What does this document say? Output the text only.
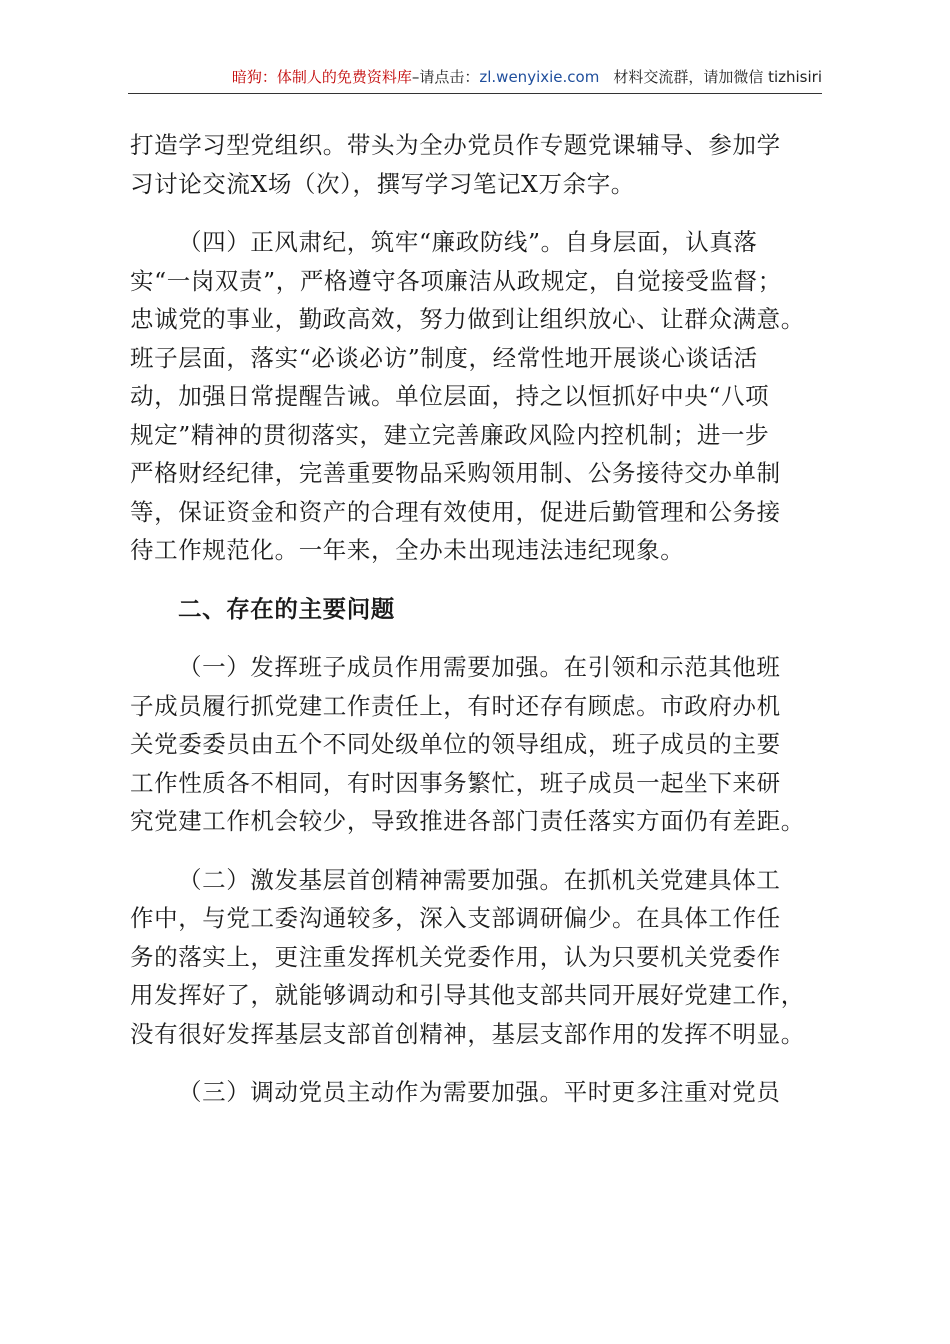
暗狗：体制人的免费资料库–请点击：zl.wenyixie.com 材料交流群，请加微信 tizhisiri
打造学习型党组织。带头为全办党员作专题党课辅导、参加学
习讨论交流X场（次），撰写学习笔记X万余字。
（四）正风肃纪，筑牢“廉政防线”。自身层面，认真落
实“一岗双责”，严格遵守各项廉洁从政规定，自觉接受监督；
忠诚党的事业，勤政高效，努力做到让组织放心、让群众满意。
班子层面，落实“必谈必访”制度，经常性地开展谈心谈话活
动，加强日常提醒告诫。单位层面，持之以恒抓好中央“八项
规定”精神的贯彻落实，建立完善廉政风险内控机制；进一步
严格财经纪律，完善重要物品采购领用制、公务接待交办单制
等，保证资金和资产的合理有效使用，促进后勤管理和公务接
待工作规范化。一年来，全办未出现违法违纪现象。
二、存在的主要问题
（一）发挥班子成员作用需要加强。在引领和示范其他班
子成员履行抓党建工作责任上，有时还存有顾虑。市政府办机
关党委委员由五个不同处级单位的领导组成，班子成员的主要
工作性质各不相同，有时因事务繁忙，班子成员一起坐下来研
究党建工作机会较少，导致推进各部门责任落实方面仍有差距。
（二）激发基层首创精神需要加强。在抓机关党建具体工
作中，与党工委沟通较多，深入支部调研偏少。在具体工作任
务的落实上，更注重发挥机关党委作用，认为只要机关党委作
用发挥好了，就能够调动和引导其他支部共同开展好党建工作，
没有很好发挥基层支部首创精神，基层支部作用的发挥不明显。
（三）调动党员主动作为需要加强。平时更多注重对党员
